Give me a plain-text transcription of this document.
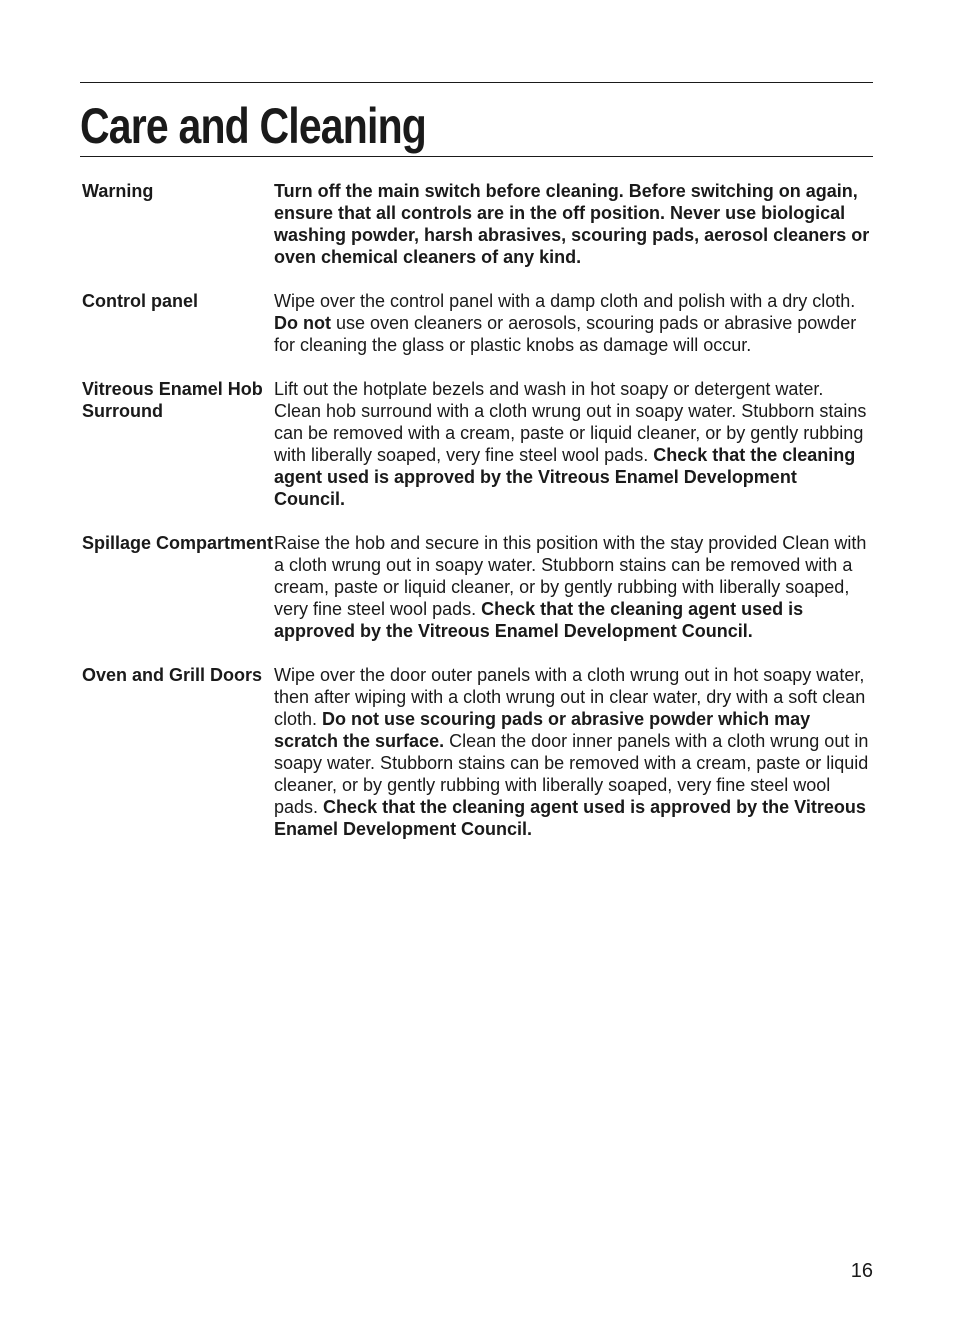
Care and Cleaning
Warning	Turn off the main switch before cleaning. Before switching on again, ensure that all controls are in the off position. Never use biological washing powder, harsh abrasives, scouring pads, aerosol cleaners or oven chemical cleaners of any kind.
Control panel	Wipe over the control panel with a damp cloth and polish with a dry cloth. Do not use oven cleaners or aerosols, scouring pads or abrasive powder for cleaning the glass or plastic knobs as damage will occur.
Vitreous Enamel Hob Surround
Lift out the hotplate bezels and wash in hot soapy or detergent water. Clean hob surround with a cloth wrung out in soapy water. Stubborn stains can be removed with a cream, paste or liquid cleaner, or by gently rubbing with liberally soaped, very fine steel wool pads. Check that the cleaning agent used is approved by the Vitreous Enamel Development Council.
Spillage Compartment Raise the hob and secure in this position with the stay provided Clean with a cloth wrung out in soapy water. Stubborn stains can be removed with a cream, paste or liquid cleaner, or by gently rubbing with liberally soaped, very fine steel wool pads. Check that the cleaning agent used is approved by the Vitreous Enamel Development Council.
Oven and Grill Doors Wipe over the door outer panels with a cloth wrung out in hot soapy water, then after wiping with a cloth wrung out in clear water, dry with a soft clean cloth. Do not use scouring pads or abrasive powder which may scratch the surface. Clean the door inner panels with a cloth wrung out in soapy water. Stubborn stains can be removed with a cream, paste or liquid cleaner, or by gently rubbing with liberally soaped, very fine steel wool pads. Check that the cleaning agent used is approved by the Vitreous Enamel Development Council.
16
